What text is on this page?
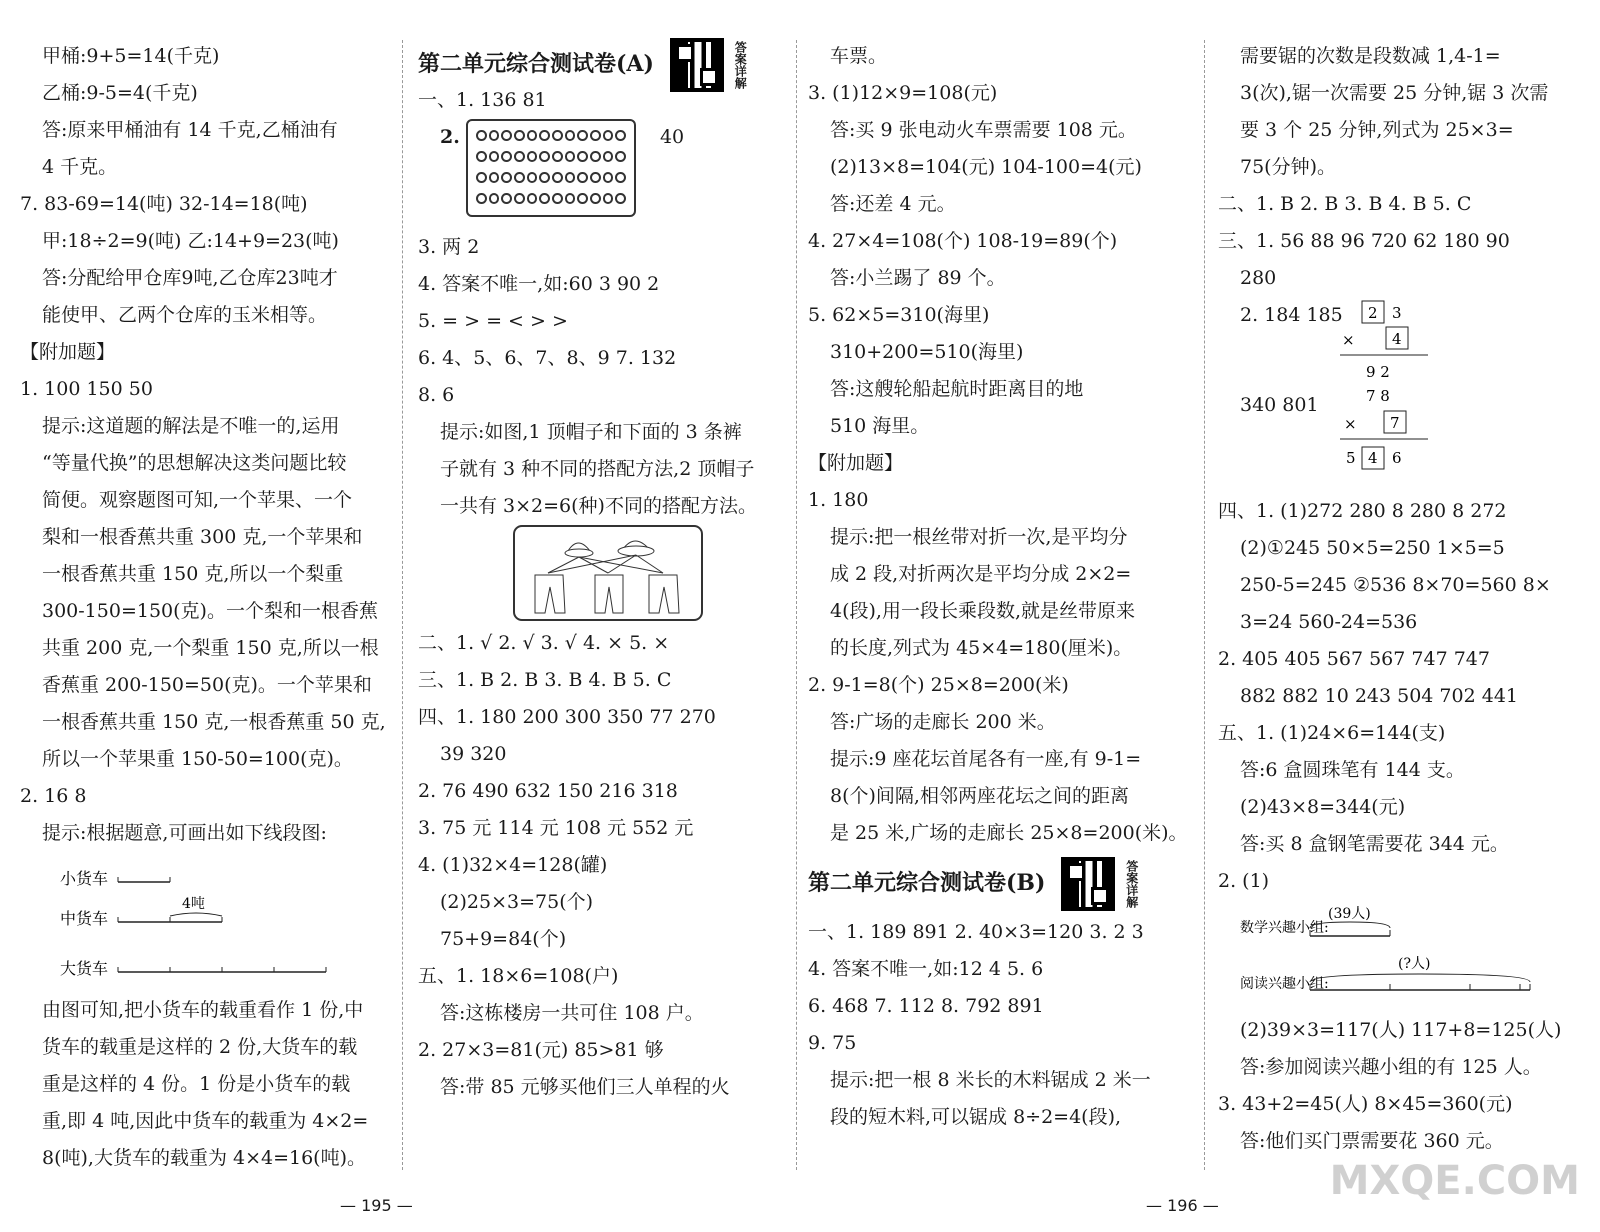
甲桶:9+5=14(千克)
乙桶:9-5=4(千克)
答:原来甲桶油有 14 千克,乙桶油有
4 千克。
7. 83-69=14(吨) 32-14=18(吨)
甲:18÷2=9(吨) 乙:14+9=23(吨)
答:分配给甲仓库9吨,乙仓库23吨才
能使甲、乙两个仓库的玉米相等。
【附加题】
1. 100 150 50
提示:这道题的解法是不唯一的,运用
“等量代换”的思想解决这类问题比较
简便。观察题图可知,一个苹果、一个
梨和一根香蕉共重 300 克,一个苹果和
一根香蕉共重 150 克,所以一个梨重
300-150=150(克)。一个梨和一根香蕉
共重 200 克,一个梨重 150 克,所以一根
香蕉重 200-150=50(克)。一个苹果和
一根香蕉共重 150 克,一根香蕉重 50 克,
所以一个苹果重 150-50=100(克)。
2. 16 8
提示:根据题意,可画出如下线段图:
小货车
中货车
4吨
大货车
由图可知,把小货车的载重看作 1 份,中
货车的载重是这样的 2 份,大货车的载
重是这样的 4 份。1 份是小货车的载
重,即 4 吨,因此中货车的载重为 4×2=
8(吨),大货车的载重为 4×4=16(吨)。
第二单元综合测试卷(A)	答案详解
一、1. 136 81
2.	40
3. 两 2
4. 答案不唯一,如:60 3 90 2
5. = > = < > >
6. 4、5、6、7、8、9 7. 132
8. 6
提示:如图,1 顶帽子和下面的 3 条裤
子就有 3 种不同的搭配方法,2 顶帽子
一共有 3×2=6(种)不同的搭配方法。
二、1. √ 2. √ 3. √ 4. × 5. ×
三、1. B 2. B 3. B 4. B 5. C
四、1. 180 200 300 350 77 270
39 320
2. 76 490 632 150 216 318
3. 75 元 114 元 108 元 552 元
4. (1)32×4=128(罐)
(2)25×3=75(个)
75+9=84(个)
五、1. 18×6=108(户)
答:这栋楼房一共可住 108 户。
2. 27×3=81(元) 85>81 够
答:带 85 元够买他们三人单程的火
车票。
3. (1)12×9=108(元)
答:买 9 张电动火车票需要 108 元。
(2)13×8=104(元) 104-100=4(元)
答:还差 4 元。
4. 27×4=108(个) 108-19=89(个)
答:小兰踢了 89 个。
5. 62×5=310(海里)
310+200=510(海里)
答:这艘轮船起航时距离目的地
510 海里。
【附加题】
1. 180
提示:把一根丝带对折一次,是平均分
成 2 段,对折两次是平均分成 2×2=
4(段),用一段长乘段数,就是丝带原来
的长度,列式为 45×4=180(厘米)。
2. 9-1=8(个) 25×8=200(米)
答:广场的走廊长 200 米。
提示:9 座花坛首尾各有一座,有 9-1=
8(个)间隔,相邻两座花坛之间的距离
是 25 米,广场的走廊长 25×8=200(米)。
第二单元综合测试卷(B)	答案详解
一、1. 189 891 2. 40×3=120 3. 2 3
4. 答案不唯一,如:12 4 5. 6
6. 468 7. 112 8. 792 891
9. 75
提示:把一根 8 米长的木料锯成 2 米一
段的短木料,可以锯成 8÷2=4(段),
需要锯的次数是段数减 1,4-1=
3(次),锯一次需要 25 分钟,锯 3 次需
要 3 个 25 分钟,列式为 25×3=
75(分钟)。
二、1. B 2. B 3. B 4. B 5. C
三、1. 56 88 96 720 62 180 90
280
2. 184 185
340 801
2 3
× 4
9 2
7 8
× 7
5 4 6
四、1. (1)272 280 8 280 8 272
(2)①245 50×5=250 1×5=5
250-5=245 ②536 8×70=560 8×
3=24 560-24=536
2. 405 405 567 567 747 747
882 882 10 243 504 702 441
五、1. (1)24×6=144(支)
答:6 盒圆珠笔有 144 支。
(2)43×8=344(元)
答:买 8 盒钢笔需要花 344 元。
2. (1)
数学兴趣小组:
(39人)
阅读兴趣小组:
(?人)
(2)39×3=117(人) 117+8=125(人)
答:参加阅读兴趣小组的有 125 人。
3. 43+2=45(人) 8×45=360(元)
答:他们买门票需要花 360 元。
— 195 —	— 196 —
MXQE.COM
